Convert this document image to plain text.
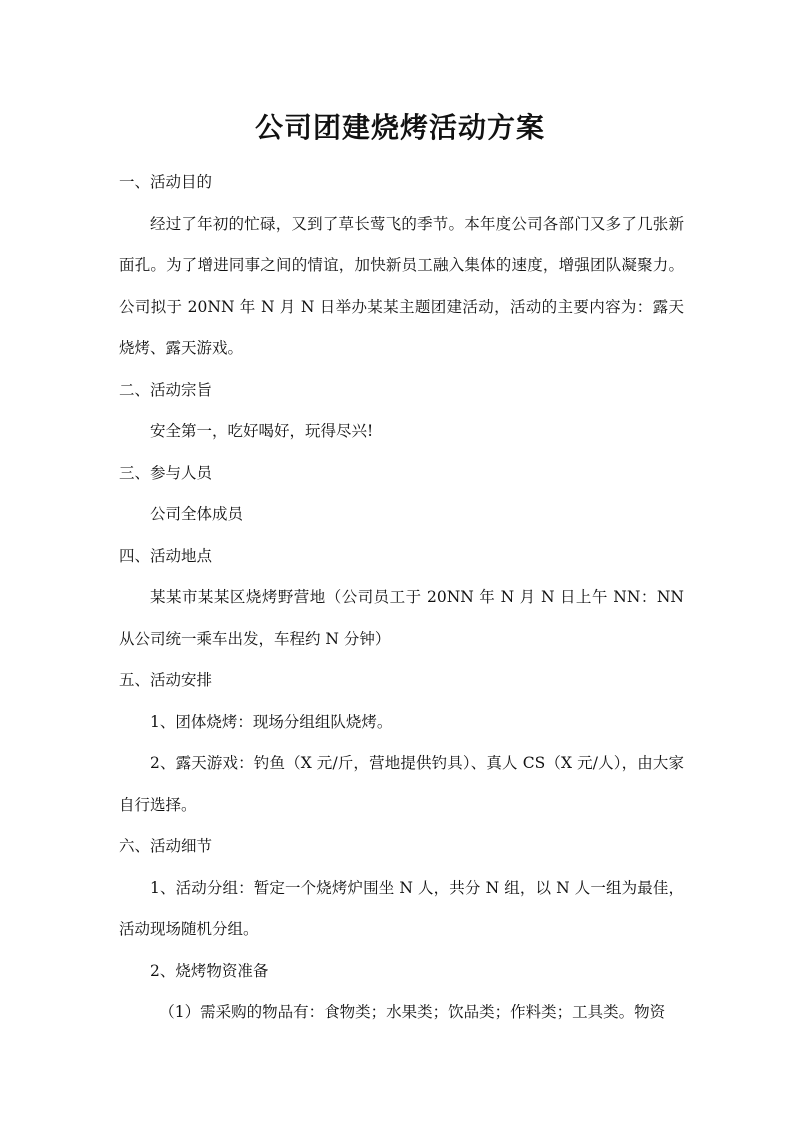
公司团建烧烤活动方案

一、活动目的

经过了年初的忙碌，又到了草长莺飞的季节。本年度公司各部门又多了几张新面孔。为了增进同事之间的情谊，加快新员工融入集体的速度，增强团队凝聚力。公司拟于 20NN 年 N 月 N 日举办某某主题团建活动，活动的主要内容为：露天烧烤、露天游戏。

二、活动宗旨

安全第一，吃好喝好，玩得尽兴!

三、参与人员

公司全体成员

四、活动地点

某某市某某区烧烤野营地（公司员工于 20NN 年 N 月 N 日上午 NN：NN 从公司统一乘车出发，车程约 N 分钟）

五、活动安排

1、团体烧烤：现场分组组队烧烤。

2、露天游戏：钓鱼（X 元/斤，营地提供钓具）、真人 CS（X 元/人），由大家自行选择。

六、活动细节

1、活动分组：暂定一个烧烤炉围坐 N 人，共分 N 组，以 N 人一组为最佳，活动现场随机分组。

2、烧烤物资准备

（1）需采购的物品有：食物类；水果类；饮品类；作料类；工具类。物资
